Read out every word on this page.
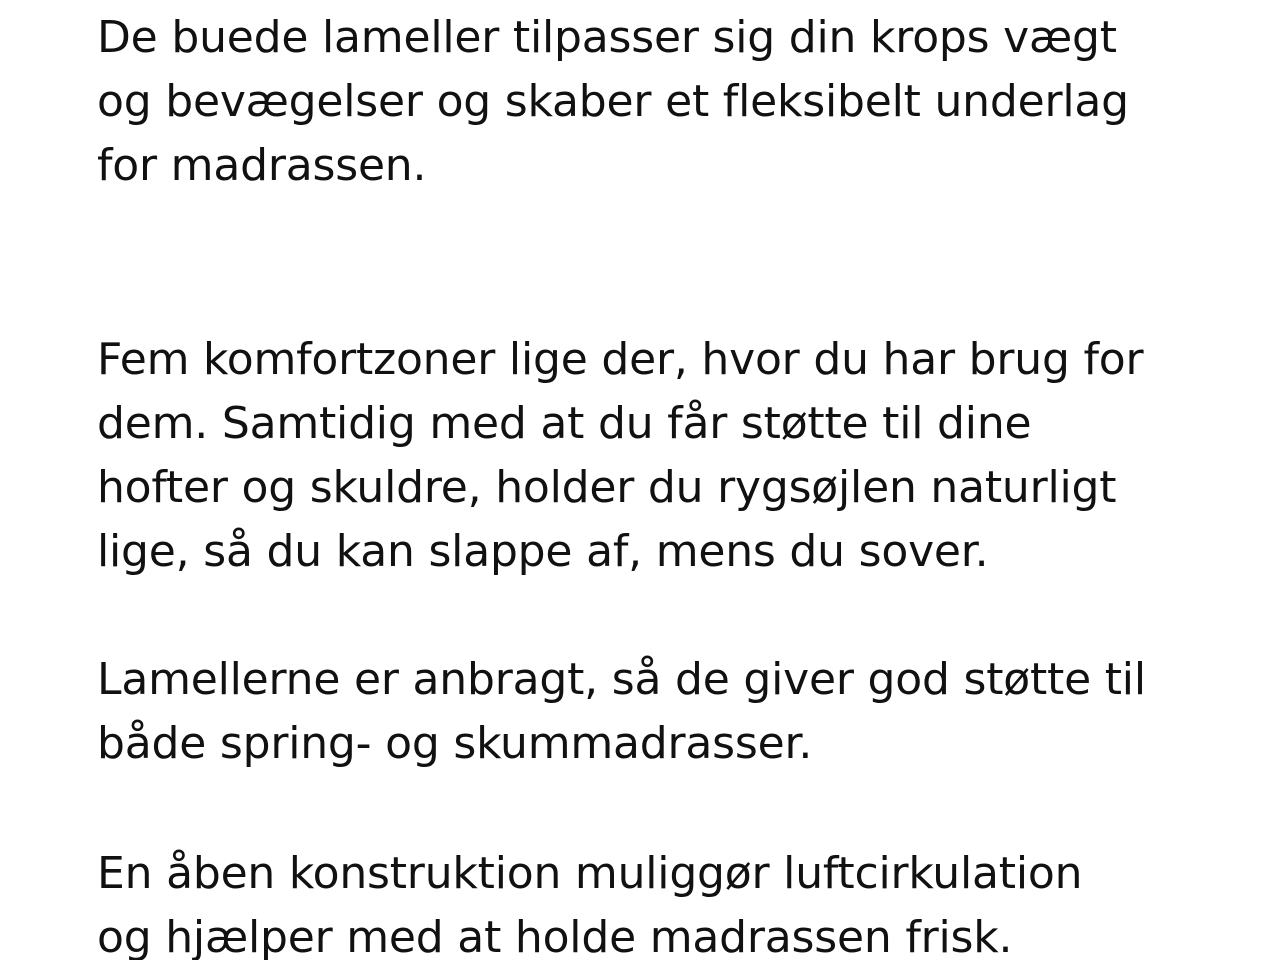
De buede lameller tilpasser sig din krops vægt
og bevægelser og skaber et fleksibelt underlag
for madrassen.

Fem komfortzoner lige der, hvor du har brug for
dem. Samtidig med at du får støtte til dine
hofter og skuldre, holder du rygsøjlen naturligt
lige, så du kan slappe af, mens du sover.

Lamellerne er anbragt, så de giver god støtte til
både spring- og skummadrasser.

En åben konstruktion muliggør luftcirkulation
og hjælper med at holde madrassen frisk.
